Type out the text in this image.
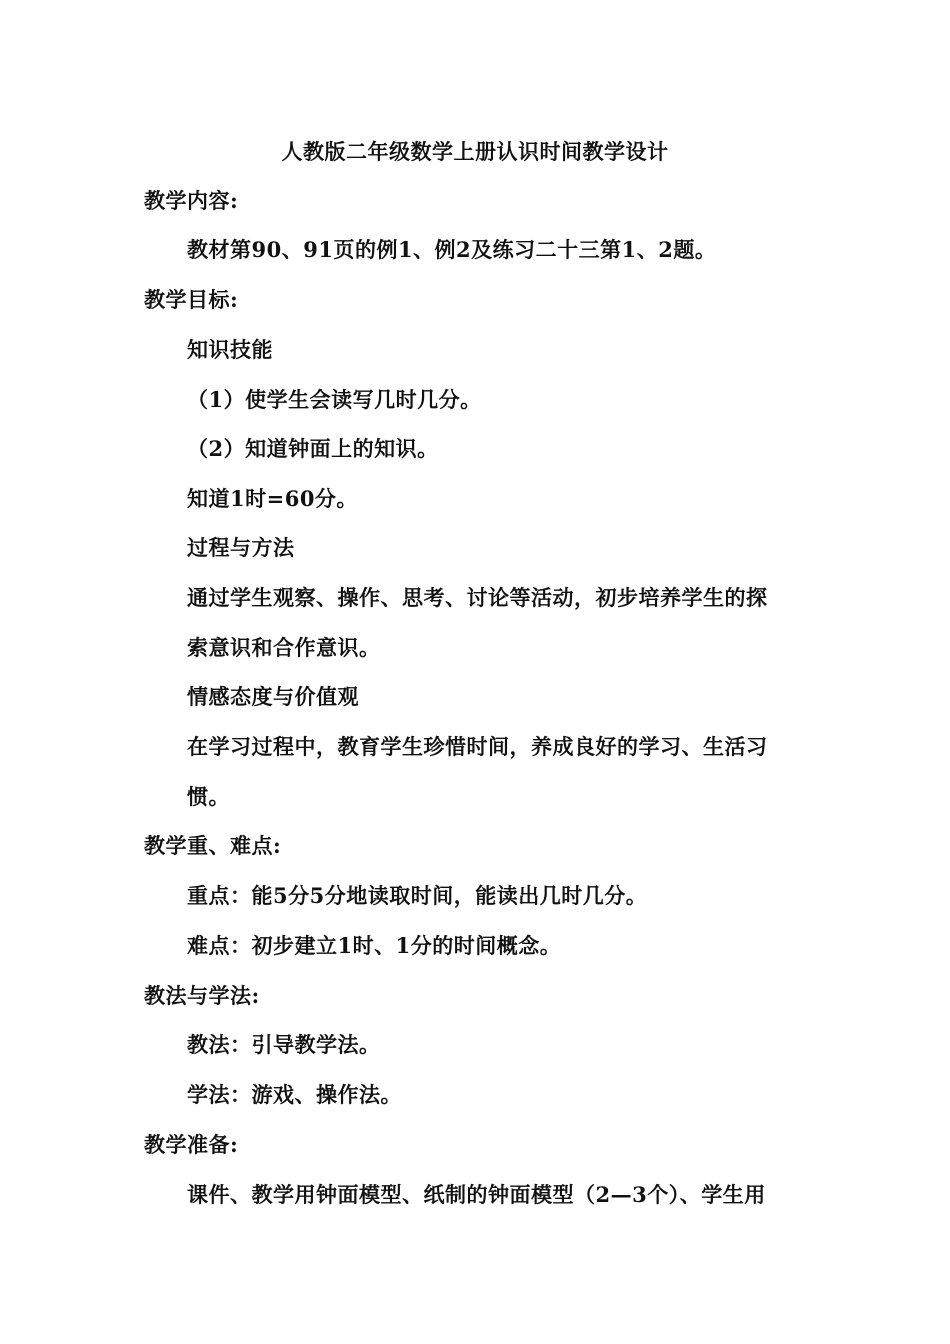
人教版二年级数学上册认识时间教学设计
教学内容:
教材第90、91页的例1、例2及练习二十三第1、2题。
教学目标:
知识技能
（1）使学生会读写几时几分。
（2）知道钟面上的知识。
知道1时=60分。
过程与方法
通过学生观察、操作、思考、讨论等活动，初步培养学生的探
索意识和合作意识。
情感态度与价值观
在学习过程中，教育学生珍惜时间，养成良好的学习、生活习
惯。
教学重、难点:
重点：能5分5分地读取时间，能读出几时几分。
难点：初步建立1时、1分的时间概念。
教法与学法:
教法：引导教学法。
学法：游戏、操作法。
教学准备:
课件、教学用钟面模型、纸制的钟面模型（2—3个）、学生用
